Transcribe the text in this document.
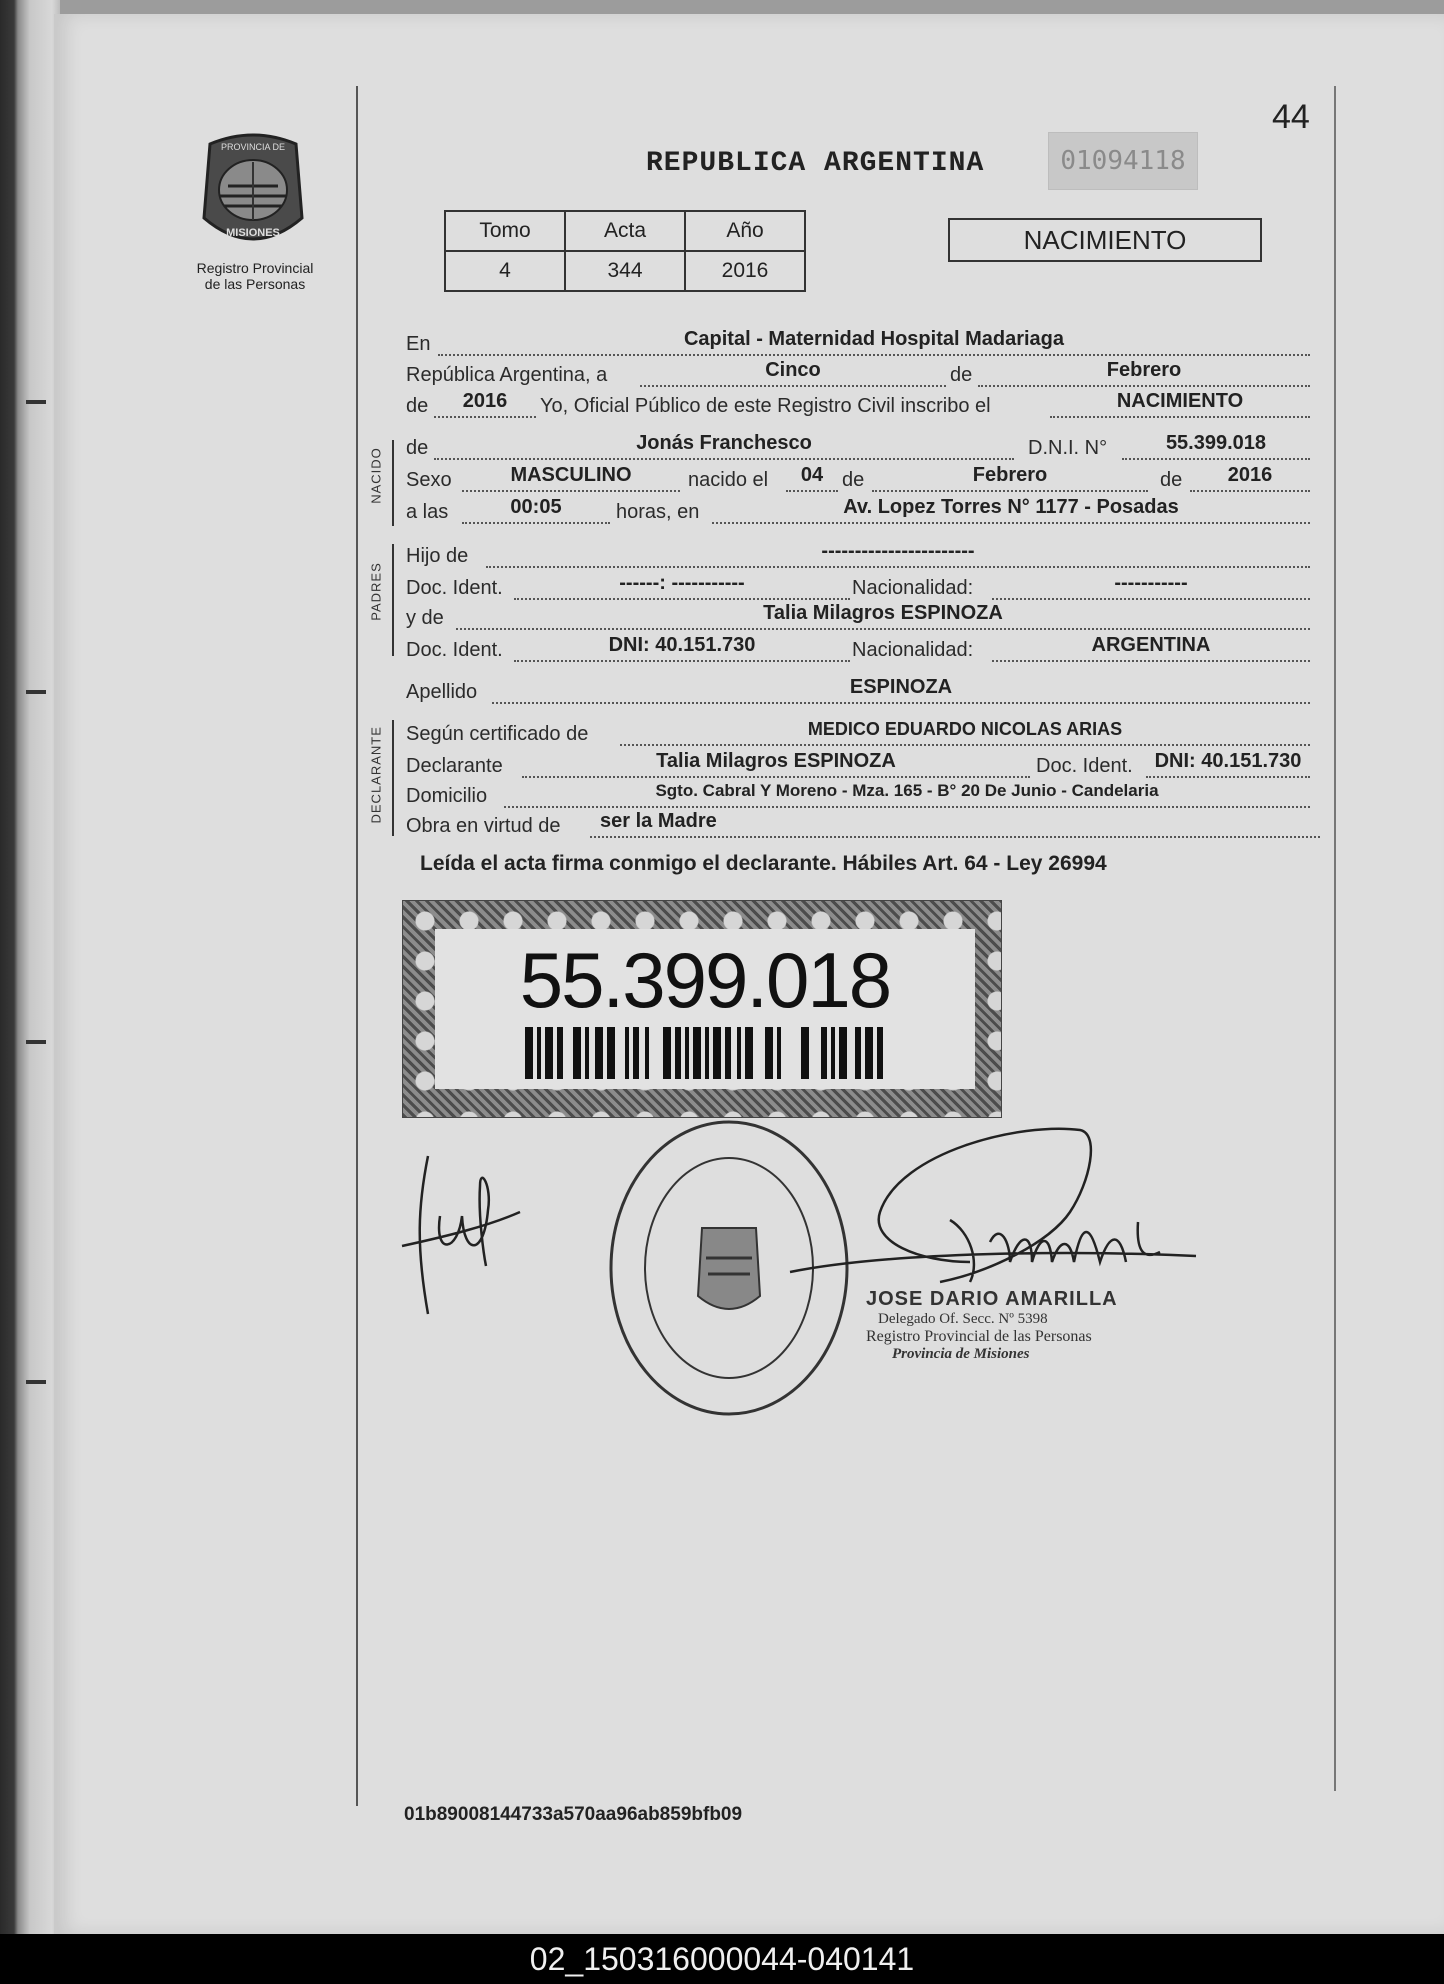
44
PROVINCIA DE
MISIONES
Registro Provincial
de las Personas
REPUBLICA ARGENTINA	01094118
Tomo	Acta	Año
4	344	2016
NACIMIENTO
En	Capital - Maternidad Hospital Madariaga
República Argentina, a	Cinco	de	Febrero
de	2016	Yo, Oficial Público de este Registro Civil inscribo el	NACIMIENTO
NACIDO de	Jonás Franchesco	D.N.I. N°	55.399.018
Sexo	MASCULINO	nacido el	04 de	Febrero	de	2016
a las	00:05	horas, en	Av. Lopez Torres N° 1177 - Posadas
PADRES
Hijo de	-----------------------
Doc. Ident.	------: -----------	Nacionalidad:	-----------
y de	Talia Milagros ESPINOZA
Doc. Ident.	DNI: 40.151.730	Nacionalidad:	ARGENTINA
Apellido	ESPINOZA
DECLARANTE Según certificado de	MEDICO EDUARDO NICOLAS ARIAS
Declarante	Talia Milagros ESPINOZA	Doc. Ident.	DNI: 40.151.730
Domicilio	Sgto. Cabral Y Moreno - Mza. 165 - B° 20 De Junio - Candelaria
Obra en virtud de	ser la Madre
Leída el acta firma conmigo el declarante. Hábiles Art. 64 - Ley 26994
55.399.018
JOSE DARIO AMARILLA
Delegado Of. Secc. Nº 5398
Registro Provincial de las Personas
Provincia de Misiones
01b89008144733a570aa96ab859bfb09
02_150316000044-040141
